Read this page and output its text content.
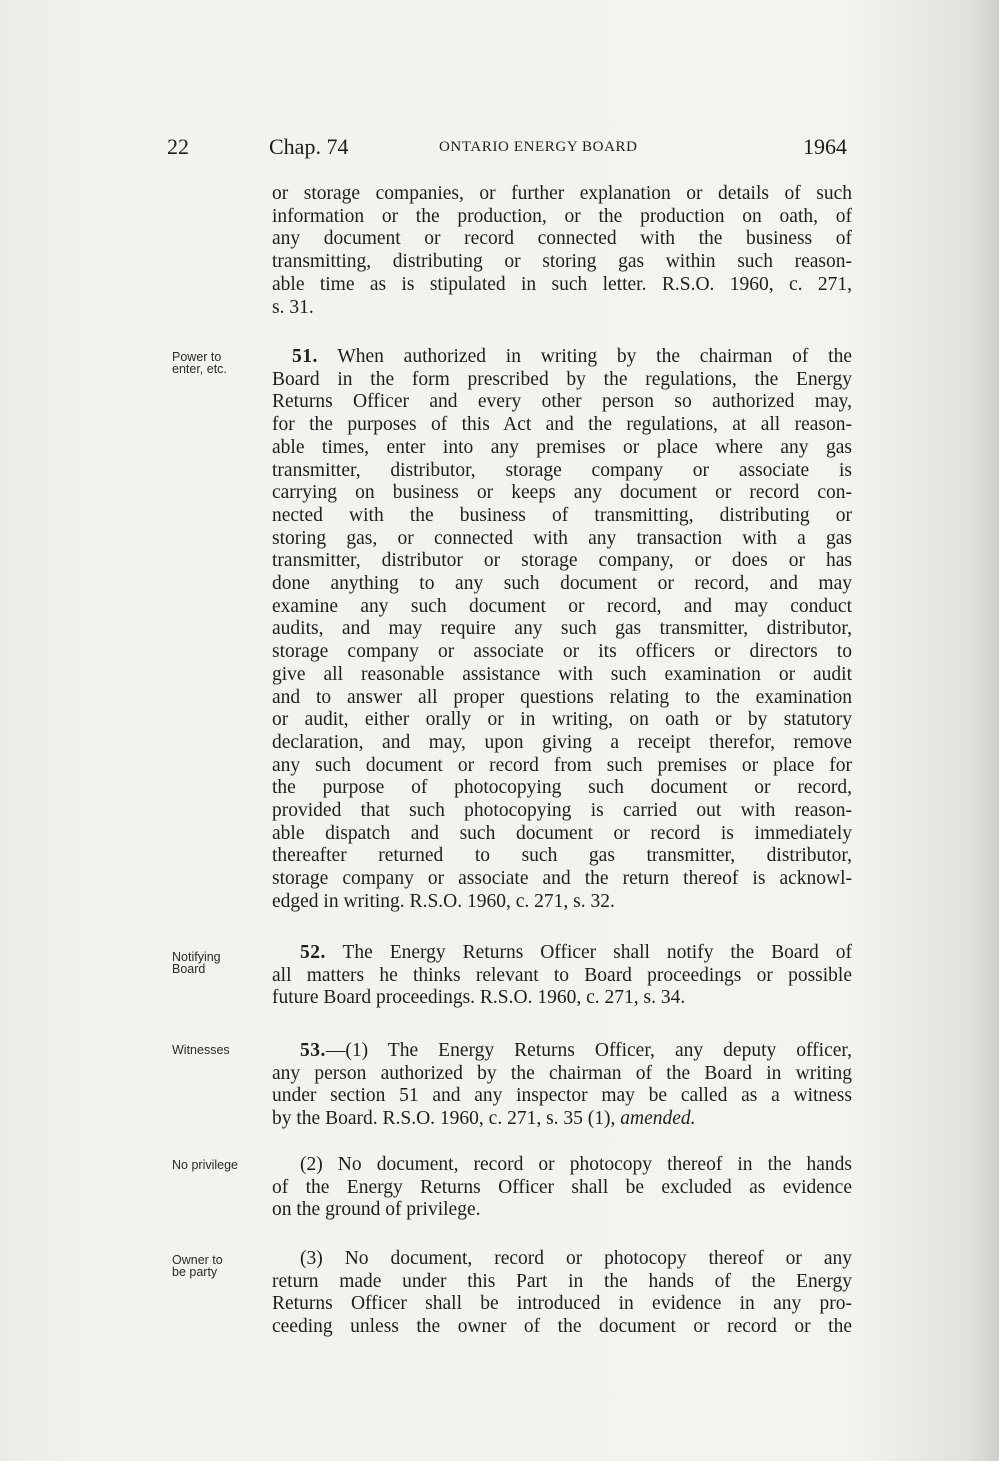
22	Chap. 74	ONTARIO ENERGY BOARD	1964
or storage companies, or further explanation or details of such
information or the production, or the production on oath, of
any document or record connected with the business of
transmitting, distributing or storing gas within such reason-
able time as is stipulated in such letter. R.S.O. 1960, c. 271,
s. 31.
Power to
enter, etc.
51. When authorized in writing by the chairman of the
Board in the form prescribed by the regulations, the Energy
Returns Officer and every other person so authorized may,
for the purposes of this Act and the regulations, at all reason-
able times, enter into any premises or place where any gas
transmitter, distributor, storage company or associate is
carrying on business or keeps any document or record con-
nected with the business of transmitting, distributing or
storing gas, or connected with any transaction with a gas
transmitter, distributor or storage company, or does or has
done anything to any such document or record, and may
examine any such document or record, and may conduct
audits, and may require any such gas transmitter, distributor,
storage company or associate or its officers or directors to
give all reasonable assistance with such examination or audit
and to answer all proper questions relating to the examination
or audit, either orally or in writing, on oath or by statutory
declaration, and may, upon giving a receipt therefor, remove
any such document or record from such premises or place for
the purpose of photocopying such document or record,
provided that such photocopying is carried out with reason-
able dispatch and such document or record is immediately
thereafter returned to such gas transmitter, distributor,
storage company or associate and the return thereof is acknowl-
edged in writing. R.S.O. 1960, c. 271, s. 32.
Notifying
Board
52. The Energy Returns Officer shall notify the Board of
all matters he thinks relevant to Board proceedings or possible
future Board proceedings. R.S.O. 1960, c. 271, s. 34.
Witnesses	53.—(1) The Energy Returns Officer, any deputy officer,
any person authorized by the chairman of the Board in writing
under section 51 and any inspector may be called as a witness
by the Board. R.S.O. 1960, c. 271, s. 35 (1), amended.
No privilege	(2) No document, record or photocopy thereof in the hands
of the Energy Returns Officer shall be excluded as evidence
on the ground of privilege.
Owner to
be party
(3) No document, record or photocopy thereof or any
return made under this Part in the hands of the Energy
Returns Officer shall be introduced in evidence in any pro-
ceeding unless the owner of the document or record or the
